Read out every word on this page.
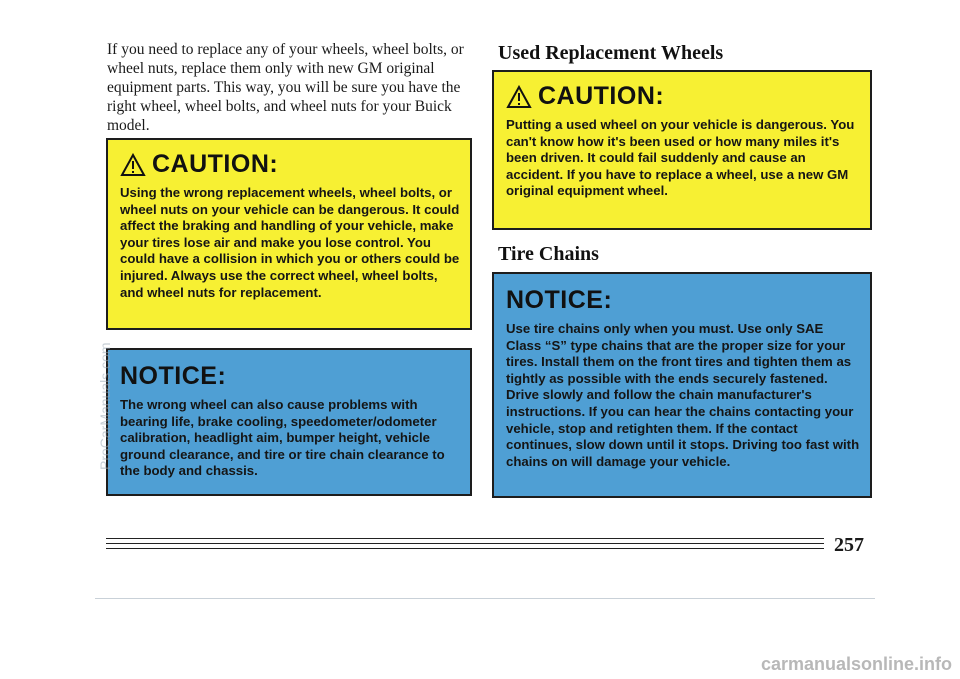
If you need to replace any of your wheels, wheel bolts, or wheel nuts, replace them only with new GM original equipment parts. This way, you will be sure you have the right wheel, wheel bolts, and wheel nuts for your Buick model.
CAUTION:
Using the wrong replacement wheels, wheel bolts, or wheel nuts on your vehicle can be dangerous. It could affect the braking and handling of your vehicle, make your tires lose air and make you lose control. You could have a collision in which you or others could be injured. Always use the correct wheel, wheel bolts, and wheel nuts for replacement.
NOTICE:
The wrong wheel can also cause problems with bearing life, brake cooling, speedometer/odometer calibration, headlight aim, bumper height, vehicle ground clearance, and tire or tire chain clearance to the body and chassis.
Used Replacement Wheels
CAUTION:
Putting a used wheel on your vehicle is dangerous. You can't know how it's been used or how many miles it's been driven. It could fail suddenly and cause an accident. If you have to replace a wheel, use a new GM original equipment wheel.
Tire Chains
NOTICE:
Use tire chains only when you must. Use only SAE Class “S” type chains that are the proper size for your tires. Install them on the front tires and tighten them as tightly as possible with the ends securely fastened. Drive slowly and follow the chain manufacturer's instructions. If you can hear the chains contacting your vehicle, stop and retighten them. If the contact continues, slow down until it stops. Driving too fast with chains on will damage your vehicle.
257
ProCarManuals.com
carmanualsonline.info
